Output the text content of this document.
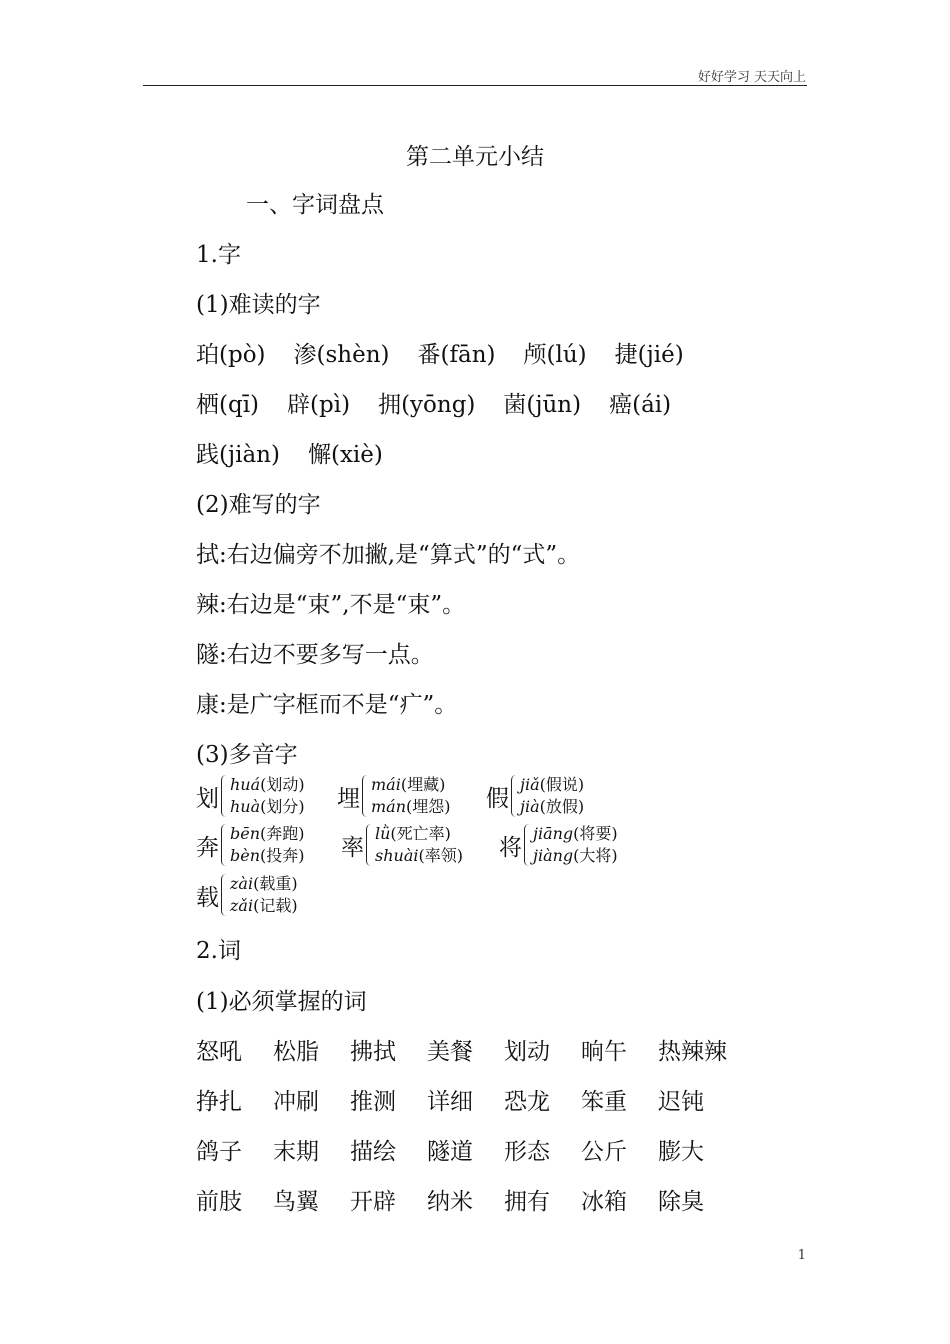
好好学习 天天向上
第二单元小结
一、字词盘点
1.字
(1)难读的字
珀(pò) 渗(shèn) 番(fān) 颅(lú) 捷(jié)
栖(qī) 辟(pì) 拥(yōng) 菌(jūn) 癌(ái)
践(jiàn) 懈(xiè)
(2)难写的字
拭:右边偏旁不加撇,是“算式”的“式”。
辣:右边是“束”,不是“束”。
隧:右边不要多写一点。
康:是广字框而不是“疒”。
(3)多音字
划
huá(划动)
huà(划分) 埋
mái(埋藏)
mán(埋怨) 假
jiǎ(假说)
jià(放假)
奔
bēn(奔跑)
bèn(投奔) 率
lǜ(死亡率)
shuài(率领) 将
jiāng(将要)
jiàng(大将)
载
zài(载重)
zǎi(记载)
2.词
(1)必须掌握的词
怒吼 松脂 拂拭 美餐 划动 晌午 热辣辣
挣扎 冲刷 推测 详细 恐龙 笨重 迟钝
鸽子 末期 描绘 隧道 形态 公斤 膨大
前肢 鸟翼 开辟 纳米 拥有 冰箱 除臭
1
